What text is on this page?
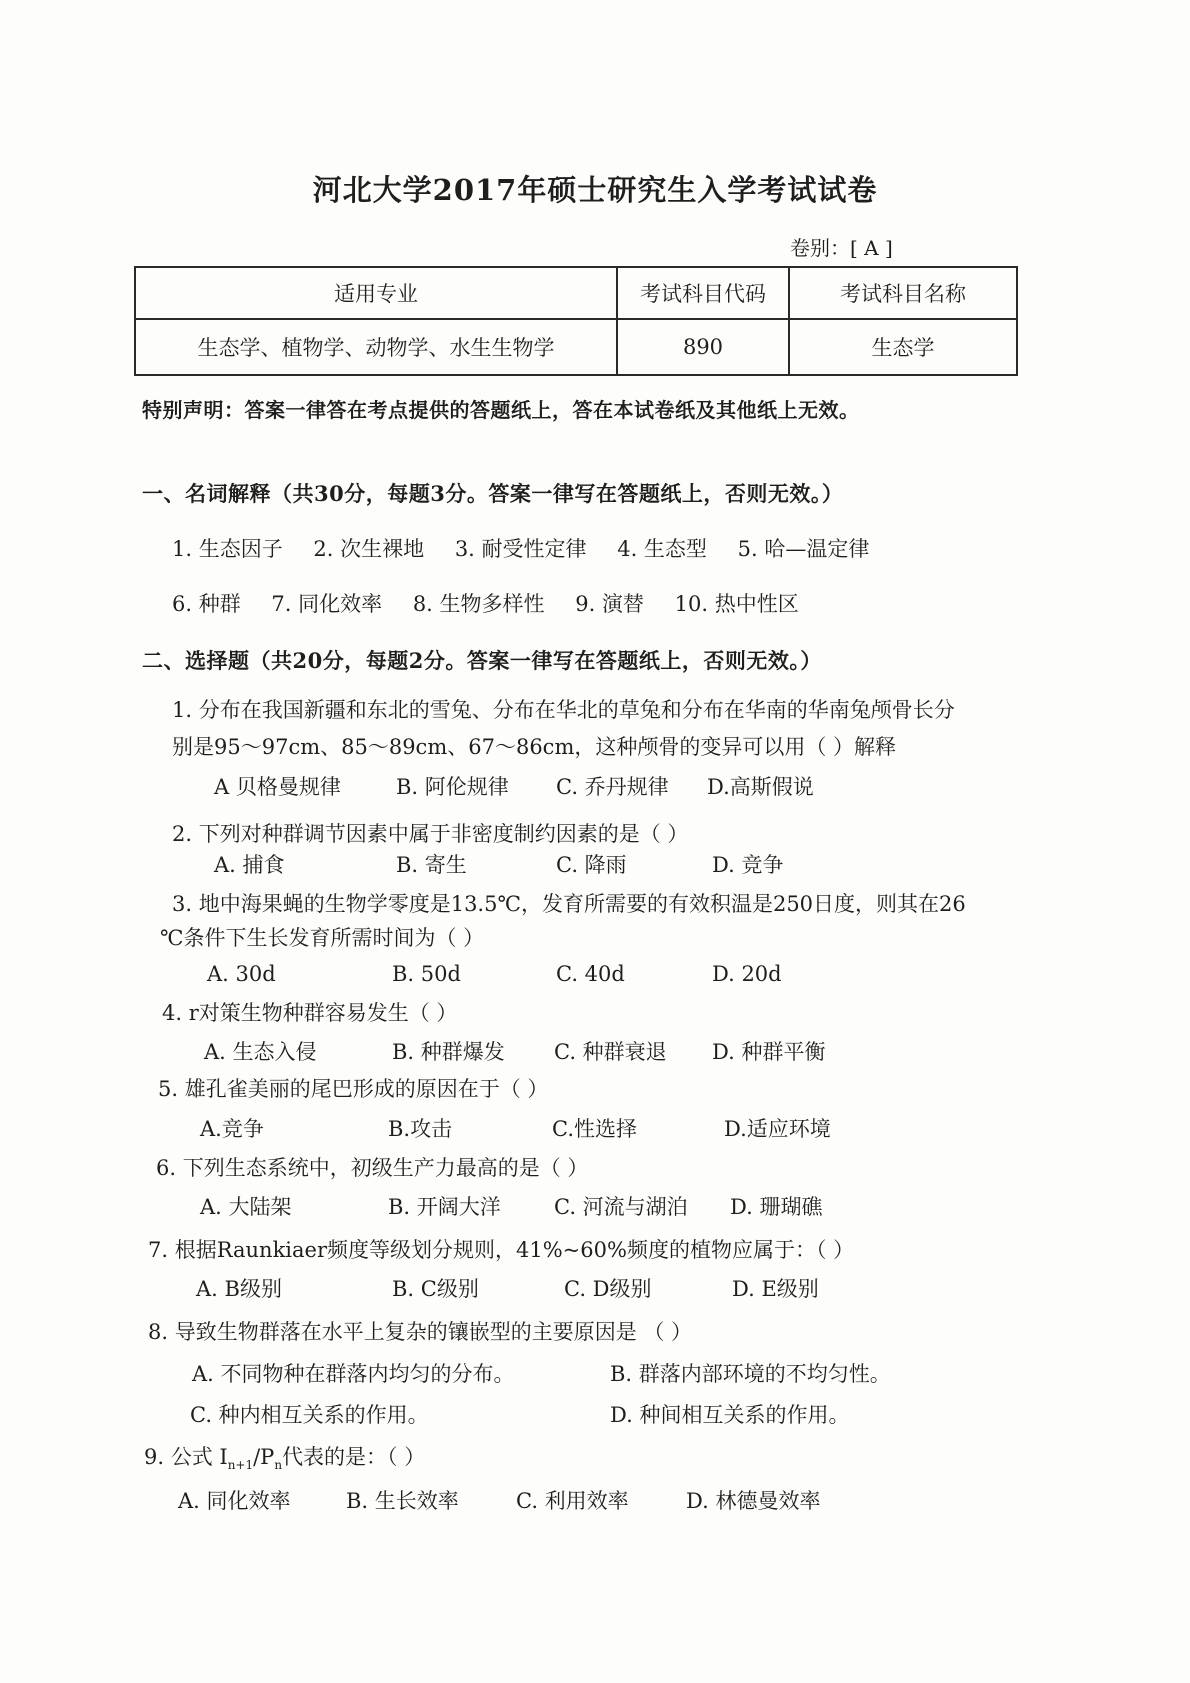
河北大学2017年硕士研究生入学考试试卷
卷别：[ A ]
适用专业	考试科目代码	考试科目名称
生态学、植物学、动物学、水生生物学	890	生态学
特别声明：答案一律答在考点提供的答题纸上，答在本试卷纸及其他纸上无效。
一、名词解释（共30分，每题3分。答案一律写在答题纸上，否则无效。）
1. 生态因子 2. 次生裸地 3. 耐受性定律 4. 生态型 5. 哈—温定律
6. 种群 7. 同化效率 8. 生物多样性 9. 演替 10. 热中性区
二、选择题（共20分，每题2分。答案一律写在答题纸上，否则无效。）
1. 分布在我国新疆和东北的雪兔、分布在华北的草兔和分布在华南的华南兔颅骨长分
别是95～97cm、85～89cm、67～86cm，这种颅骨的变异可以用（ ）解释
A 贝格曼规律	B. 阿伦规律 C. 乔丹规律 D.高斯假说
2. 下列对种群调节因素中属于非密度制约因素的是（ ）
A. 捕食	B. 寄生	C. 降雨	D. 竞争
3. 地中海果蝇的生物学零度是13.5℃，发育所需要的有效积温是250日度，则其在26
℃条件下生长发育所需时间为（ ）
A. 30d	B. 50d	C. 40d	D. 20d
4. r对策生物种群容易发生（ ）
A. 生态入侵	B. 种群爆发 C. 种群衰退 D. 种群平衡
5. 雄孔雀美丽的尾巴形成的原因在于（ ）
A.竞争	B.攻击	C.性选择	D.适应环境
6. 下列生态系统中，初级生产力最高的是（ ）
A. 大陆架	B. 开阔大洋	C. 河流与湖泊 D. 珊瑚礁
7. 根据Raunkiaer频度等级划分规则，41%~60%频度的植物应属于：（ ）
A. B级别	B. C级别	C. D级别	D. E级别
8. 导致生物群落在水平上复杂的镶嵌型的主要原因是 （ ）
A. 不同物种在群落内均匀的分布。	B. 群落内部环境的不均匀性。
C. 种内相互关系的作用。	D. 种间相互关系的作用。
9. 公式 $I_{n+1}/P_n$代表的是：（ ）
A. 同化效率	B. 生长效率	C. 利用效率	D. 林德曼效率
